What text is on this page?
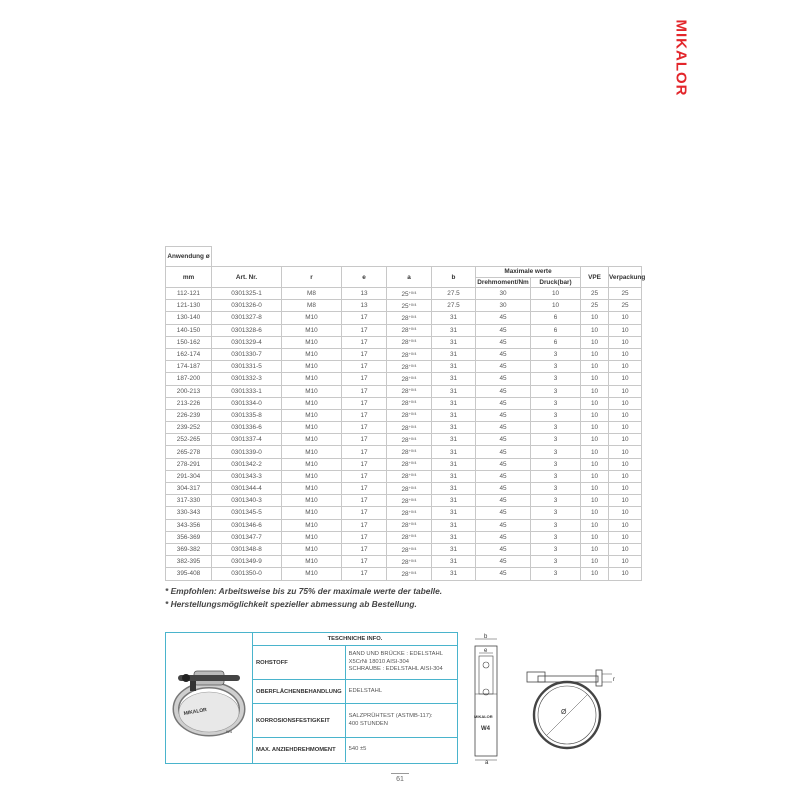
MIKALOR
Anwendung ø									
mm	Art. Nr.	r	e	a	b	Maximale werte		VPE	Verpackung
						Drehmoment/Nm	Druck(bar)		
112-121	0301325-1	M8	13	$25^{+0/4}$	27.5	30	10	25	25
121-130	0301326-0	M8	13	$25^{+0/4}$	27.5	30	10	25	25
130-140	0301327-8	M10	17	$28^{+0/4}$	31	45	6	10	10
140-150	0301328-6	M10	17	$28^{+0/4}$	31	45	6	10	10
150-162	0301329-4	M10	17	$28^{+0/4}$	31	45	6	10	10
162-174	0301330-7	M10	17	$28^{+0/4}$	31	45	3	10	10
174-187	0301331-5	M10	17	$28^{+0/4}$	31	45	3	10	10
187-200	0301332-3	M10	17	$28^{+0/4}$	31	45	3	10	10
200-213	0301333-1	M10	17	$28^{+0/4}$	31	45	3	10	10
213-226	0301334-0	M10	17	$28^{+0/4}$	31	45	3	10	10
226-239	0301335-8	M10	17	$28^{+0/4}$	31	45	3	10	10
239-252	0301336-6	M10	17	$28^{+0/4}$	31	45	3	10	10
252-265	0301337-4	M10	17	$28^{+0/4}$	31	45	3	10	10
265-278	0301339-0	M10	17	$28^{+0/4}$	31	45	3	10	10
278-291	0301342-2	M10	17	$28^{+0/4}$	31	45	3	10	10
291-304	0301343-3	M10	17	$28^{+0/4}$	31	45	3	10	10
304-317	0301344-4	M10	17	$28^{+0/4}$	31	45	3	10	10
317-330	0301340-3	M10	17	$28^{+0/4}$	31	45	3	10	10
330-343	0301345-5	M10	17	$28^{+0/4}$	31	45	3	10	10
343-356	0301346-6	M10	17	$28^{+0/4}$	31	45	3	10	10
356-369	0301347-7	M10	17	$28^{+0/4}$	31	45	3	10	10
369-382	0301348-8	M10	17	$28^{+0/4}$	31	45	3	10	10
382-395	0301349-9	M10	17	$28^{+0/4}$	31	45	3	10	10
395-408	0301350-0	M10	17	$28^{+0/4}$	31	45	3	10	10
* Empfohlen: Arbeitsweise bis zu 75% der maximale werte der tabelle.
* Herstellungsmöglichkeit spezieller abmessung ab Bestellung.
MIKALOR
W4
TESCHNICHE INFO.	
ROHSTOFF	BAND UND BRÜCKE : EDELSTAHL
X5CrNi 18010 AISI-304
SCHRAUBE : EDELSTAHL AISI-304

OBERFLÄCHENBEHANDLUNG	EDELSTAHL
KORROSIONSFESTIGKEIT	SALZPRÜHTEST (ASTMB-117):
400 STUNDEN

MAX. ANZIEHDREHMOMENT	540 ±5
b
e
MIKALOR
W4
a
Ø
r
61
